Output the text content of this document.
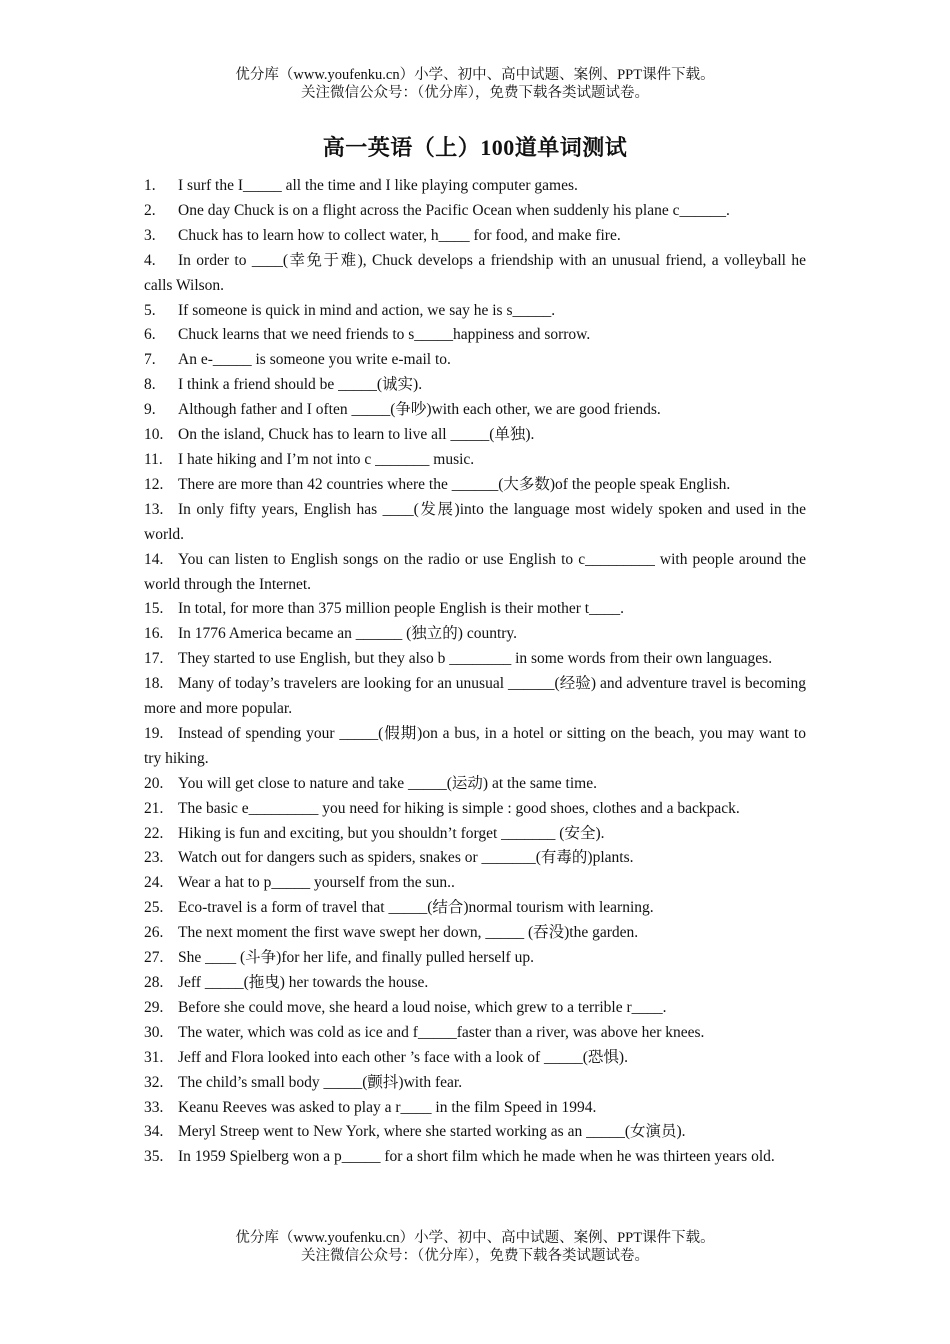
优分库（www.youfenku.cn）小学、初中、高中试题、案例、PPT课件下载。
关注微信公众号：（优分库），免费下载各类试题试卷。
高一英语（上）100道单词测试
1. I surf the I_____ all the time and I like playing computer games.
2. One day Chuck is on a flight across the Pacific Ocean when suddenly his plane c______.
3. Chuck has to learn how to collect water, h____ for food, and make fire.
4. In order to ____(幸免于难), Chuck develops a friendship with an unusual friend, a volleyball he calls Wilson.
5. If someone is quick in mind and action, we say he is s_____.
6. Chuck learns that we need friends to s_____happiness and sorrow.
7. An e-_____ is someone you write e-mail to.
8. I think a friend should be _____(诚实).
9. Although father and I often _____(争吵)with each other, we are good friends.
10. On the island, Chuck has to learn to live all _____(单独).
11. I hate hiking and I’m not into c _______ music.
12. There are more than 42 countries where the ______(大多数)of the people speak English.
13. In only fifty years, English has ____(发展)into the language most widely spoken and used in the world.
14. You can listen to English songs on the radio or use English to c_________ with people around the world through the Internet.
15. In total, for more than 375 million people English is their mother t____.
16. In 1776 America became an ______ (独立的) country.
17. They started to use English, but they also b ________ in some words from their own languages.
18. Many of today’s travelers are looking for an unusual ______(经验) and adventure travel is becoming more and more popular.
19. Instead of spending your _____(假期)on a bus, in a hotel or sitting on the beach, you may want to try hiking.
20. You will get close to nature and take _____(运动) at the same time.
21. The basic e_________ you need for hiking is simple : good shoes, clothes and a backpack.
22. Hiking is fun and exciting, but you shouldn’t forget _______ (安全).
23. Watch out for dangers such as spiders, snakes or _______(有毒的)plants.
24. Wear a hat to p_____ yourself from the sun..
25. Eco-travel is a form of travel that _____(结合)normal tourism with learning.
26. The next moment the first wave swept her down, _____ (吞没)the garden.
27. She ____ (斗争)for her life, and finally pulled herself up.
28. Jeff _____(拖曳) her towards the house.
29. Before she could move, she heard a loud noise, which grew to a terrible r____.
30. The water, which was cold as ice and f_____faster than a river, was above her knees.
31. Jeff and Flora looked into each other ’s face with a look of _____(恐惧).
32. The child’s small body _____(颤抖)with fear.
33. Keanu Reeves was asked to play a r____ in the film Speed in 1994.
34. Meryl Streep went to New York, where she started working as an _____(女演员).
35. In 1959 Spielberg won a p_____ for a short film which he made when he was thirteen years old.
优分库（www.youfenku.cn）小学、初中、高中试题、案例、PPT课件下载。
关注微信公众号：（优分库），免费下载各类试题试卷。
